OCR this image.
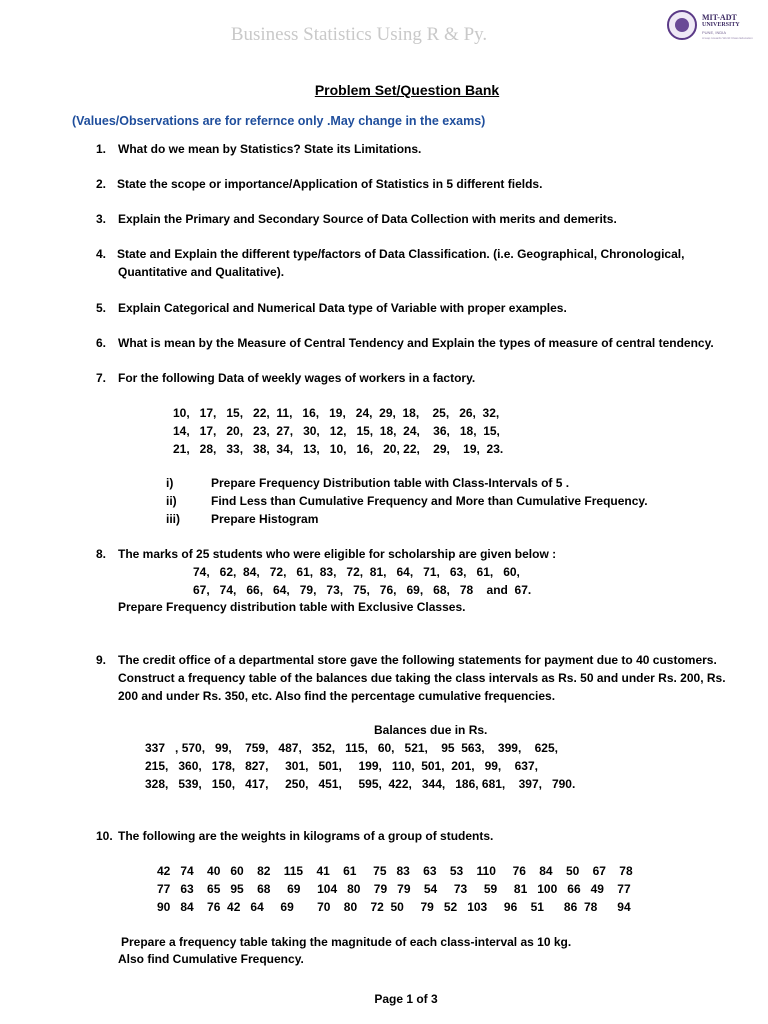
Business Statistics Using R & Py.
MIT-ADT
UNIVERSITY
PUNE, INDIA
A leap towards World Class Education
Problem Set/Question Bank
(Values/Observations are for refernce only .May change in the exams)
1. What do we mean by Statistics? State its Limitations.
2. State the scope or importance/Application of Statistics in 5 different fields.
3. Explain the Primary and Secondary Source of Data Collection with merits and demerits.
4. State and Explain the different type/factors of Data Classification. (i.e. Geographical, Chronological,
Quantitative and Qualitative).
5. Explain Categorical and Numerical Data type of Variable with proper examples.
6. What is mean by the Measure of Central Tendency and Explain the types of measure of central tendency.
7. For the following Data of weekly wages of workers in a factory.
10,   17,   15,   22,  11,   16,   19,   24,  29,  18,    25,   26,  32,
14,   17,   20,   23,  27,   30,   12,   15,  18,  24,    36,   18,  15,
21,   28,   33,   38,  34,   13,   10,   16,   20, 22,    29,    19,  23.
i)	Prepare Frequency Distribution table with Class-Intervals of 5 .
ii)	Find Less than Cumulative Frequency and More than Cumulative Frequency.
iii)	Prepare Histogram
8. The marks of 25 students who were eligible for scholarship are given below :
74,   62,  84,   72,   61,  83,   72,  81,   64,   71,   63,   61,   60,
67,   74,   66,   64,   79,   73,   75,   76,   69,   68,   78    and  67.
Prepare Frequency distribution table with Exclusive Classes.
9. The credit office of a departmental store gave the following statements for payment due to 40 customers.
Construct a frequency table of the balances due taking the class intervals as Rs. 50 and under Rs. 200, Rs.
200 and under Rs. 350, etc. Also find the percentage cumulative frequencies.
Balances due in Rs.
337   , 570,   99,    759,   487,   352,   115,   60,   521,    95  563,    399,    625,
215,   360,   178,   827,     301,   501,     199,   110,  501,  201,   99,    637,
328,   539,   150,   417,     250,   451,     595,  422,   344,   186, 681,    397,   790.
10. The following are the weights in kilograms of a group of students.
42   74    40   60    82    115    41    61     75   83    63    53    110     76    84    50    67    78
77   63    65   95    68     69     104   80    79   79    54     73     59     81   100   66   49    77
90   84    76  42   64     69       70    80    72  50     79   52   103     96    51      86  78      94
Prepare a frequency table taking the magnitude of each class-interval as 10 kg.
Also find Cumulative Frequency.
Page 1 of 3
